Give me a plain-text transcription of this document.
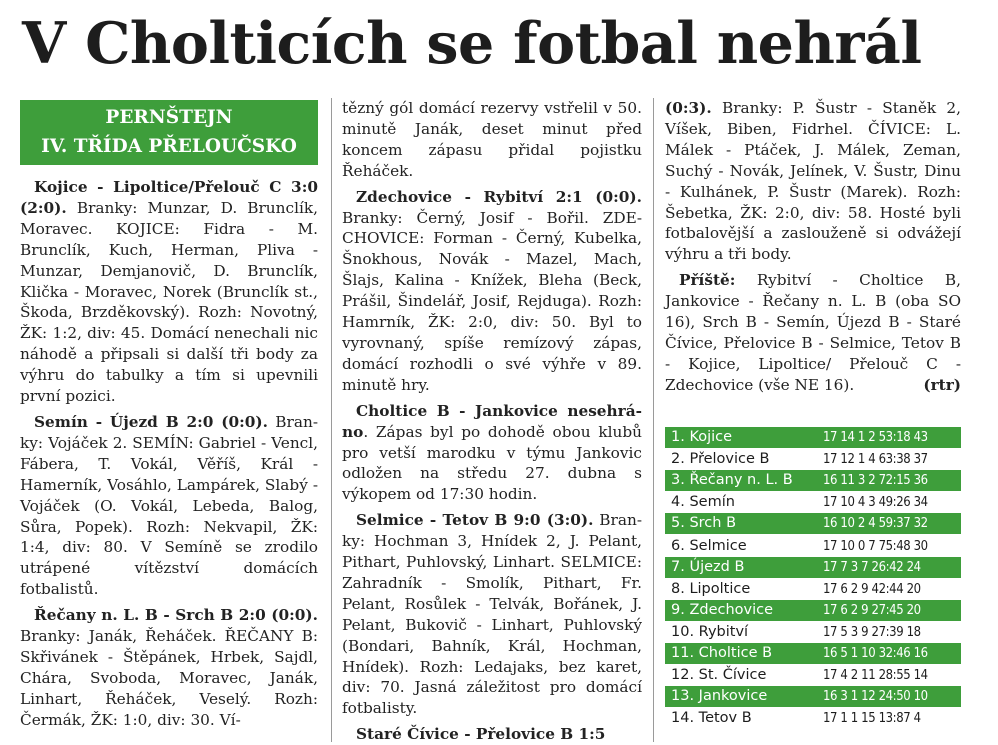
V Cholticích se fotbal nehrál
PERNŠTEJN
IV. TŘÍDA PŘELOUČSKO

Kojice - Lipoltice/Přelouč C 3:0 (2:0). Branky: Munzar, D. Brunclík, Moravec. KOJICE: Fidra - M. Brunclík, Kuch, Herman, Pliva - Munzar, Demjanovič, D. Brunclík, Klička - Moravec, Norek (Brunclík st., Škoda, Brzděkovský). Rozh: Novotný, ŽK: 1:2, div: 45. Domácí nenechali nic náhodě a připsali si další tři body za výhru do tabulky a tím si upevnili první pozici.

Semín - Újezd B 2:0 (0:0). Branky: Voјáček 2. SEMÍN: Gabriel - Vencl, Fábera, T. Vokál, Věříš, Král - Hamerník, Vosáhlo, Lampárek, Slabý - Vojáček (O. Vokál, Lebeda, Balog, Sůra, Popek). Rozh: Nekvapil, ŽK: 1:4, div: 80. V Semíně se zrodilo utrápené vítězství domácích fotbalistů.

Řečany n. L. B - Srch B 2:0 (0:0). Branky: Janák, Řeháček. ŘEČANY B: Skřivánek - Štěpánek, Hrbek, Sajdl, Chára, Svoboda, Moravec, Janák, Linhart, Řeháček, Veselý. Rozh: Čermák, ŽK: 1:0, div: 30. Ví-

tězný gól domácí rezervy vstřelil v 50. minutě Janák, deset minut před koncem zápasu přidal pojistku Řeháček.

Zdechovice - Rybitví 2:1 (0:0). Branky: Černý, Josif - Bořil. ZDECHOVICE: Forman - Černý, Kubelka, Šnokhous, Novák - Mazel, Mach, Šlajs, Kalina - Knížek, Bleha (Beck, Prášil, Šindelář, Josif, Rejduga). Rozh: Hamrník, ŽK: 2:0, div: 50. Byl to vyrovnaný, spíše remízový zápas, domácí rozhodli o své výhře v 89. minutě hry.

Choltice B - Jankovice nesehráno. Zápas byl po dohodě obou klubů pro vetší marodku v týmu Jankovic odložen na středu 27. dubna s výkopem od 17:30 hodin.

Selmice - Tetov B 9:0 (3:0). Branky: Hochman 3, Hnídek 2, J. Pelant, Pithart, Puhlovský, Linhart. SELMICE: Zahradník - Smolík, Pithart, Fr. Pelant, Rosůlek - Telvák, Bořánek, J. Pelant, Bukovič - Linhart, Puhlovský (Bondari, Bahník, Král, Hochman, Hnídek). Rozh: Ledajaks, bez karet, div: 70. Jasná záležitost pro domácí fotbalisty.

Staré Čívice - Přelovice B 1:5

(0:3). Branky: P. Šustr - Staněk 2, Víšek, Biben, Fidrhel. ČÍVICE: L. Málek - Ptáček, J. Málek, Zeman, Suchý - Novák, Jelínek, V. Šustr, Dinu - Kulhánek, P. Šustr (Marek). Rozh: Šebetka, ŽK: 2:0, div: 58. Hosté byli fotbalovější a zaslouženě si odvážejí výhru a tři body.

Příště: Rybitví - Choltice B, Jankovice - Řečany n. L. B (oba SO 16), Srch B - Semín, Újezd B - Staré Čívice, Přelovice B - Selmice, Tetov B - Kojice, Lipoltice/ Přelouč C - Zdechovice (vše NE 16).	(rtr)

1. Kojice	17 14 1 2 53:18 43
2. Přelovice B	17 12 1 4 63:38 37
3. Řečany n. L. B	16 11 3 2 72:15 36
4. Semín	17 10 4 3 49:26 34
5. Srch B	16 10 2 4 59:37 32
6. Selmice	17 10 0 7 75:48 30
7. Újezd B	17 7 3 7 26:42 24
8. Lipoltice	17 6 2 9 42:44 20
9. Zdechovice	17 6 2 9 27:45 20
10. Rybitví	17 5 3 9 27:39 18
11. Choltice B	16 5 1 10 32:46 16
12. St. Čívice	17 4 2 11 28:55 14
13. Jankovice	16 3 1 12 24:50 10
14. Tetov B	17 1 1 15 13:87 4
